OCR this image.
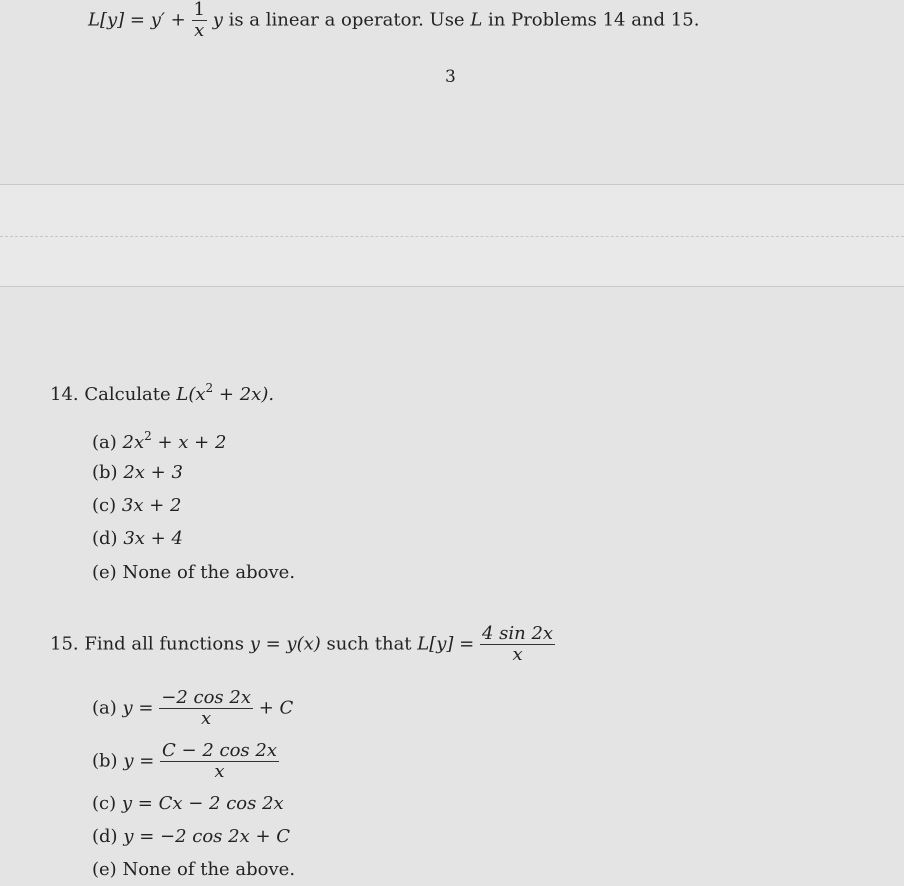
$L[y] = y' + \frac{1}{x}$ y is a linear a operator. Use L in Problems 14 and 15.
3
14. Calculate $L(x^2 + 2x)$.
(a) $2x^2 + x + 2$
(b) 2x + 3
(c) 3x + 2
(d) 3x + 4
(e) None of the above.
15. Find all functions y = y(x) such that $L[y] = \frac{4 \sin 2x}{x}$
(a) $y = \frac{-2 \cos 2x}{x} + C$
(b) $y = \frac{C - 2 \cos 2x}{x}$
(c) y = Cx − 2 cos 2x
(d) y = −2 cos 2x + C
(e) None of the above.
